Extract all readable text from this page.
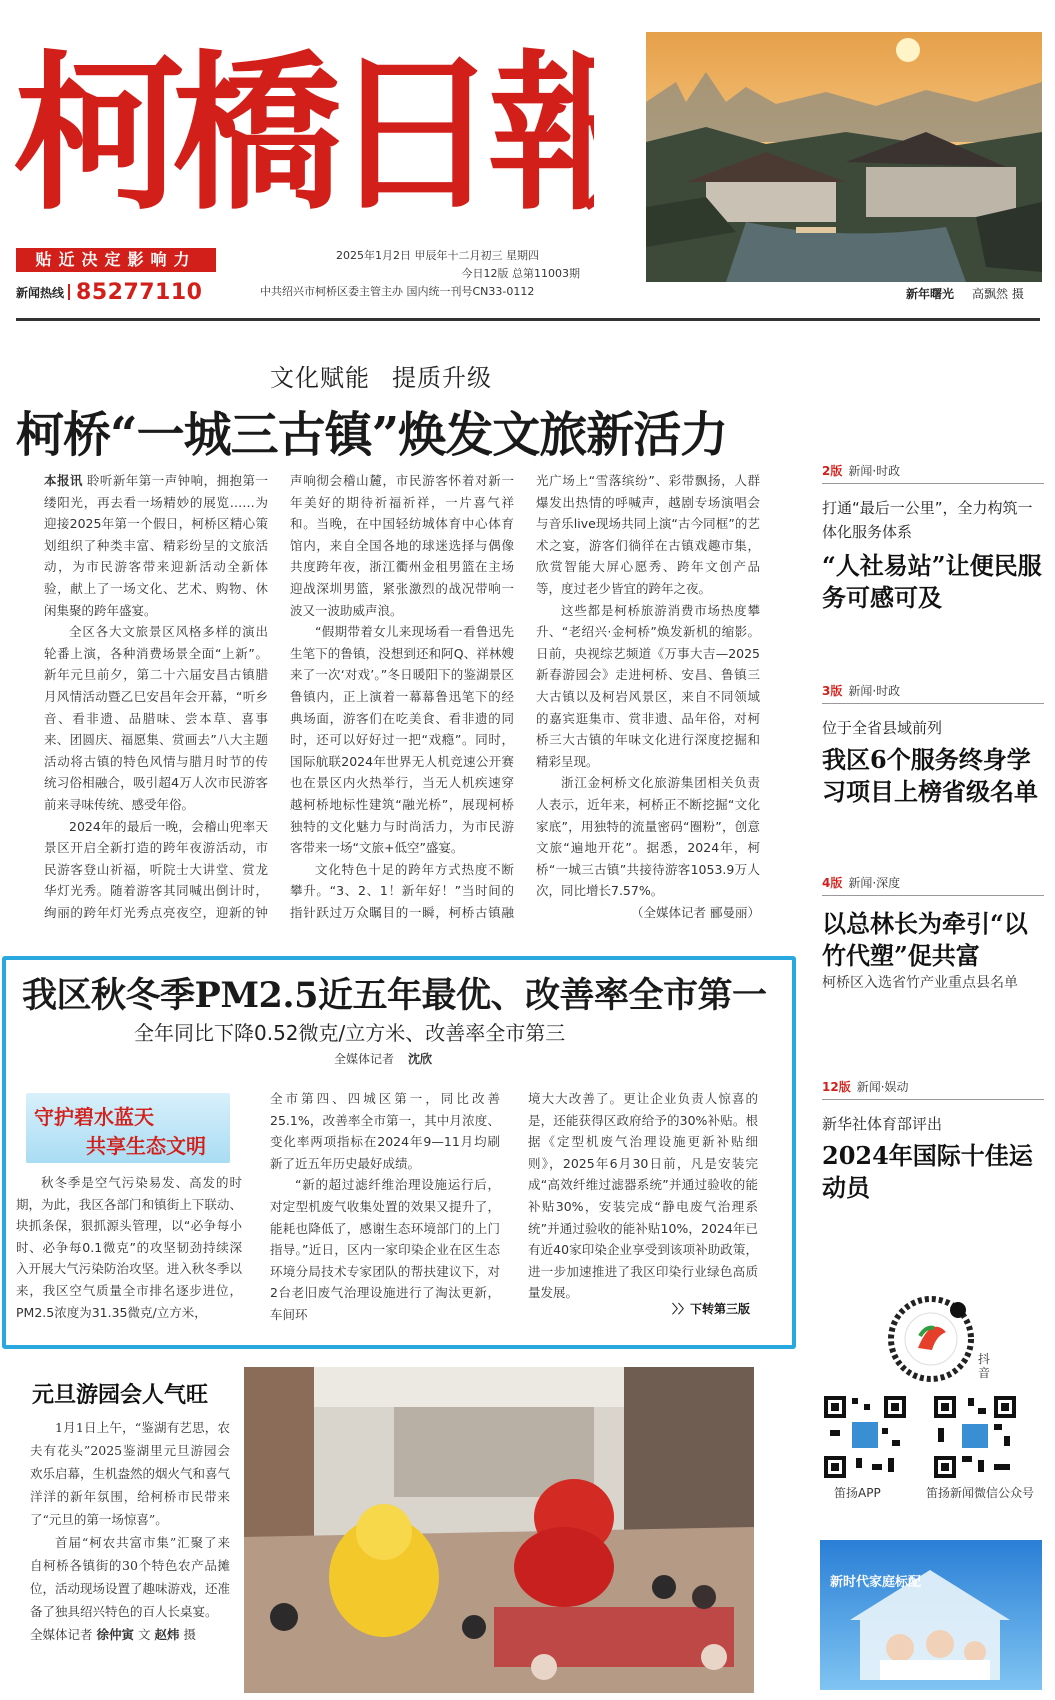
柯橋日報
贴近决定影响力
新闻热线 85277110
2025年1月2日 甲辰年十二月初三 星期四
今日12版 总第11003期
中共绍兴市柯桥区委主管主办 国内统一刊号CN33-0112	新年曙光 高飘然 摄
文化赋能 提质升级
柯桥“一城三古镇”焕发文旅新活力

本报讯 聆听新年第一声钟响，拥抱第一缕阳光，再去看一场精妙的展览……为迎接2025年第一个假日，柯桥区精心策划组织了种类丰富、精彩纷呈的文旅活动，为市民游客带来迎新活动全新体验，献上了一场文化、艺术、购物、休闲集聚的跨年盛宴。

全区各大文旅景区风格多样的演出轮番上演，各种消费场景全面“上新”。新年元旦前夕，第二十六届安昌古镇腊月风情活动暨乙巳安昌年会开幕，“听乡音、看非遗、品腊味、尝本草、喜事来、团圆庆、福愿集、赏画去”八大主题活动将古镇的特色风情与腊月时节的传统习俗相融合，吸引超4万人次市民游客前来寻味传统、感受年俗。

2024年的最后一晚，会稽山兜率天景区开启全新打造的跨年夜游活动，市民游客登山祈福，听院士大讲堂、赏龙华灯光秀。随着游客其同喊出倒计时，绚丽的跨年灯光秀点亮夜空，迎新的钟声响彻会稽山麓，市民游客怀着对新一年美好的期待祈福祈祥，一片喜气祥和。当晚，在中国轻纺城体育中心体育馆内，来自全国各地的球迷选择与偶像共度跨年夜，浙江衢州金租男篮在主场迎战深圳男篮，紧张激烈的战况带响一波又一波助威声浪。

“假期带着女儿来现场看一看鲁迅先生笔下的鲁镇，没想到还和阿Q、祥林嫂来了一次‘对戏’。”冬日暖阳下的鉴湖景区鲁镇内，正上演着一幕幕鲁迅笔下的经典场面，游客们在吃美食、看非遗的同时，还可以好好过一把“戏瘾”。同时，国际航联2024年世界无人机竞速公开赛也在景区内火热举行，当无人机疾速穿越柯桥地标性建筑“融光桥”，展现柯桥独特的文化魅力与时尚活力，为市民游客带来一场“文旅+低空”盛宴。

文化特色十足的跨年方式热度不断攀升。“3、2、1！新年好！”当时间的指针跃过万众瞩目的一瞬，柯桥古镇融光广场上“雪落缤纷”、彩带飘扬，人群爆发出热情的呼喊声，越剧专场演唱会与音乐live现场共同上演“古今同框”的艺术之宴，游客们徜徉在古镇戏趣市集，欣赏智能大屏心愿秀、跨年文创产品等，度过老少皆宜的跨年之夜。

这些都是柯桥旅游消费市场热度攀升、“老绍兴·金柯桥”焕发新机的缩影。日前，央视综艺频道《万事大吉—2025新春游园会》走进柯桥、安昌、鲁镇三大古镇以及柯岩风景区，来自不同领域的嘉宾逛集市、赏非遗、品年俗，对柯桥三大古镇的年味文化进行深度挖掘和精彩呈现。

浙江金柯桥文化旅游集团相关负责人表示，近年来，柯桥正不断挖掘“文化家底”，用独特的流量密码“圈粉”，创意文旅“遍地开花”。据悉，2024年，柯桥“一城三古镇”共接待游客1053.9万人次，同比增长7.57%。

（全媒体记者 郦曼丽）

2版 新闻·时政
打通“最后一公里”，全力构筑一体化服务体系
“人社易站”让便民服务可感可及
3版 新闻·时政
位于全省县域前列
我区6个服务终身学习项目上榜省级名单
4版 新闻·深度
以总林长为牵引“以竹代塑”促共富
柯桥区入选省竹产业重点县名单
12版 新闻·娱动
新华社体育部评出
2024年国际十佳运动员
我区秋冬季PM2.5近五年最优、改善率全市第一
全年同比下降0.52微克/立方米、改善率全市第三
全媒体记者 沈欣
守护碧水蓝天
共享生态文明
秋冬季是空气污染易发、高发的时期，为此，我区各部门和镇街上下联动、块抓条保，狠抓源头管理，以“必争每小时、必争每0.1微克”的攻坚韧劲持续深入开展大气污染防治攻坚。进入秋冬季以来，我区空气质量全市排名逐步进位，PM2.5浓度为31.35微克/立方米，

全市第四、四城区第一，同比改善25.1%，改善率全市第一，其中月浓度、变化率两项指标在2024年9—11月均刷新了近五年历史最好成绩。

“新的超过滤纤维治理设施运行后，对定型机废气收集处置的效果又提升了，能耗也降低了，感谢生态环境部门的上门指导。”近日，区内一家印染企业在区生态环境分局技术专家团队的帮扶建议下，对2台老旧废气治理设施进行了淘汰更新，车间环

境大大改善了。更让企业负责人惊喜的是，还能获得区政府给予的30%补贴。根据《定型机废气治理设施更新补贴细则》，2025年6月30日前，凡是安装完成“高效纤维过滤器系统”并通过验收的能补贴30%，安装完成“静电废气治理系统”并通过验收的能补贴10%，2024年已有近40家印染企业享受到该项补助政策，进一步加速推进了我区印染行业绿色高质量发展。
〉〉下转第三版
元旦游园会人气旺

1月1日上午，“鉴湖有艺思，农夫有花头”2025鉴湖里元旦游园会欢乐启幕，生机盎然的烟火气和喜气洋洋的新年氛围，给柯桥市民带来了“元旦的第一场惊喜”。

首届“柯农共富市集”汇聚了来自柯桥各镇街的30个特色农产品摊位，活动现场设置了趣味游戏，还准备了独具绍兴特色的百人长桌宴。

全媒体记者 徐仲寅 文 赵炜 摄

抖音
笛扬APP	笛扬新闻微信公众号
新时代家庭标配
